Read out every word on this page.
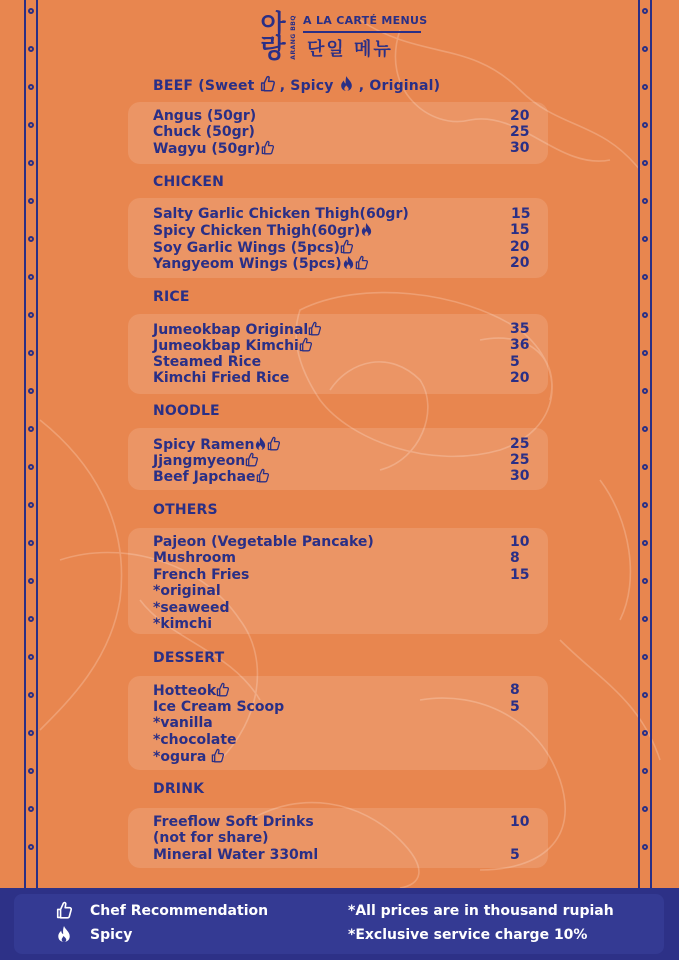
아랑 ARANG BBQ A LA CARTÉ MENUS
단일 메뉴
BEEF (Sweet , Spicy , Original)
Angus (50gr)	20
Chuck (50gr)	25
Wagyu (50gr)	30
CHICKEN
Salty Garlic Chicken Thigh(60gr)	15
Spicy Chicken Thigh(60gr)	15
Soy Garlic Wings (5pcs)	20
Yangyeom Wings (5pcs)	20
RICE
Jumeokbap Original	35
Jumeokbap Kimchi	36
Steamed Rice	5
Kimchi Fried Rice	20
NOODLE
Spicy Ramen	25
Jjangmyeon	25
Beef Japchae	30
OTHERS
Pajeon (Vegetable Pancake)	10
Mushroom	8
French Fries	15
*original
*seaweed
*kimchi
DESSERT
Hotteok	8
Ice Cream Scoop	5
*vanilla
*chocolate
*ogura
DRINK
Freeflow Soft Drinks	10
(not for share)
Mineral Water 330ml	5
Chef Recommendation
Spicy
*All prices are in thousand rupiah
*Exclusive service charge 10%
